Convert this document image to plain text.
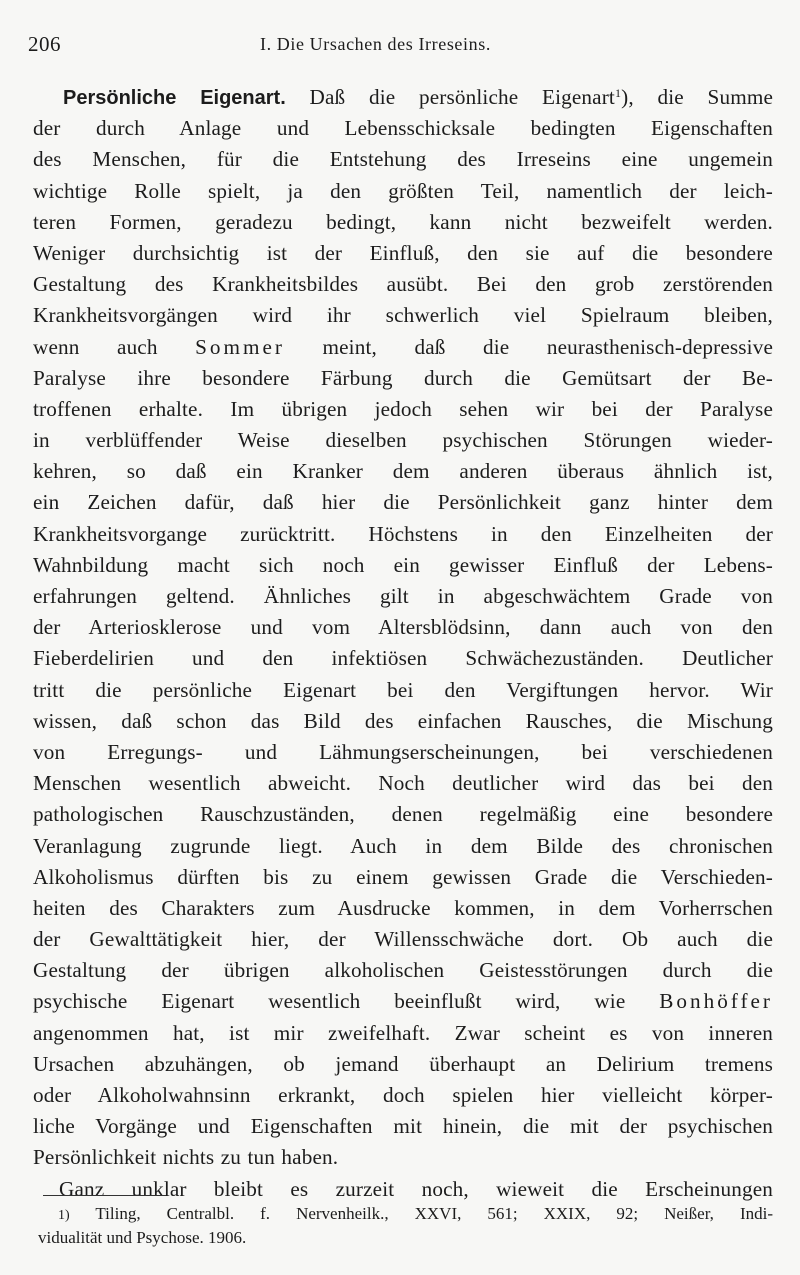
206	I. Die Ursachen des Irreseins.
Persönliche Eigenart. Daß die persönliche Eigenart$^1$), die Summe
der durch Anlage und Lebensschicksale bedingten Eigenschaften
des Menschen, für die Entstehung des Irreseins eine ungemein
wichtige Rolle spielt, ja den größten Teil, namentlich der leich-
teren Formen, geradezu bedingt, kann nicht bezweifelt werden.
Weniger durchsichtig ist der Einfluß, den sie auf die besondere
Gestaltung des Krankheitsbildes ausübt. Bei den grob zerstörenden
Krankheitsvorgängen wird ihr schwerlich viel Spielraum bleiben,
wenn auch Sommer meint, daß die neurasthenisch-depressive
Paralyse ihre besondere Färbung durch die Gemütsart der Be-
troffenen erhalte. Im übrigen jedoch sehen wir bei der Paralyse
in verblüffender Weise dieselben psychischen Störungen wieder-
kehren, so daß ein Kranker dem anderen überaus ähnlich ist,
ein Zeichen dafür, daß hier die Persönlichkeit ganz hinter dem
Krankheitsvorgange zurücktritt. Höchstens in den Einzelheiten der
Wahnbildung macht sich noch ein gewisser Einfluß der Lebens-
erfahrungen geltend. Ähnliches gilt in abgeschwächtem Grade von
der Arteriosklerose und vom Altersblödsinn, dann auch von den
Fieberdelirien und den infektiösen Schwächezuständen. Deutlicher
tritt die persönliche Eigenart bei den Vergiftungen hervor. Wir
wissen, daß schon das Bild des einfachen Rausches, die Mischung
von Erregungs- und Lähmungserscheinungen, bei verschiedenen
Menschen wesentlich abweicht. Noch deutlicher wird das bei den
pathologischen Rauschzuständen, denen regelmäßig eine besondere
Veranlagung zugrunde liegt. Auch in dem Bilde des chronischen
Alkoholismus dürften bis zu einem gewissen Grade die Verschieden-
heiten des Charakters zum Ausdrucke kommen, in dem Vorherrschen
der Gewalttätigkeit hier, der Willensschwäche dort. Ob auch die
Gestaltung der übrigen alkoholischen Geistesstörungen durch die
psychische Eigenart wesentlich beeinflußt wird, wie Bonhöffer
angenommen hat, ist mir zweifelhaft. Zwar scheint es von inneren
Ursachen abzuhängen, ob jemand überhaupt an Delirium tremens
oder Alkoholwahnsinn erkrankt, doch spielen hier vielleicht körper-
liche Vorgänge und Eigenschaften mit hinein, die mit der psychischen
Persönlichkeit nichts zu tun haben.
Ganz unklar bleibt es zurzeit noch, wieweit die Erscheinungen
1) Tiling, Centralbl. f. Nervenheilk., XXVI, 561; XXIX, 92; Neißer, Indi-
vidualität und Psychose. 1906.
